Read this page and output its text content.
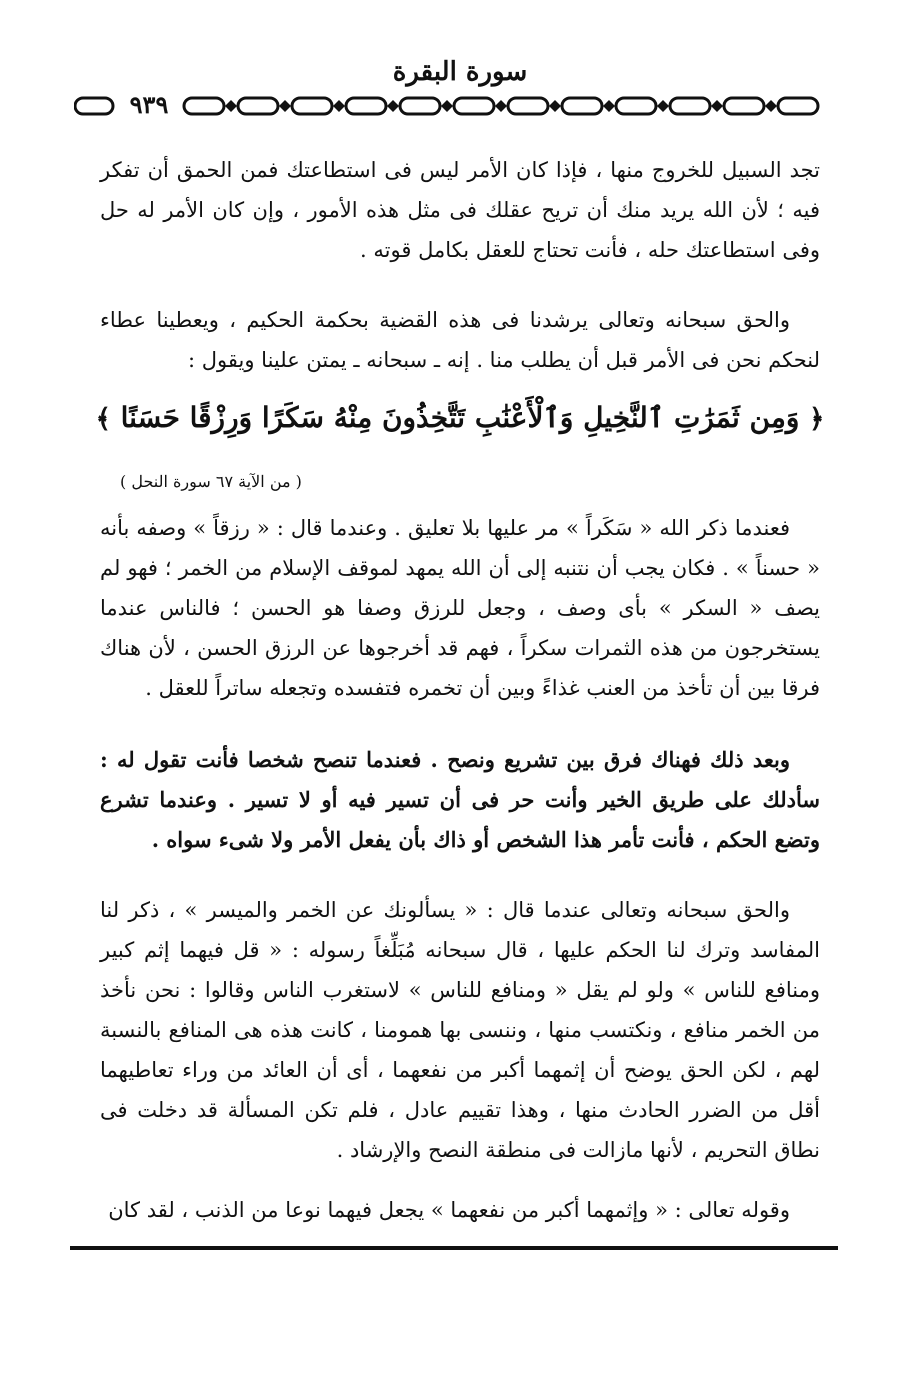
سورة البقرة
٩٣٩
تجد السبيل للخروج منها ، فإذا كان الأمر ليس فى استطاعتك فمن الحمق أن تفكر فيه ؛ لأن الله يريد منك أن تريح عقلك فى مثل هذه الأمور ، وإن كان الأمر له حل وفى استطاعتك حله ، فأنت تحتاج للعقل بكامل قوته .
والحق سبحانه وتعالى يرشدنا فى هذه القضية بحكمة الحكيم ، ويعطينا عطاء لنحكم نحن فى الأمر قبل أن يطلب منا . إنه ـ سبحانه ـ يمتن علينا ويقول :
﴿ وَمِن ثَمَرَٰتِ ٱلنَّخِيلِ وَٱلْأَعْنَٰبِ تَتَّخِذُونَ مِنْهُ سَكَرًا وَرِزْقًا حَسَنًا ﴾
( من الآية ٦٧ سورة النحل )
فعندما ذكر الله « سَكَراً » مر عليها بلا تعليق . وعندما قال : « رزقاً » وصفه بأنه « حسناً » . فكان يجب أن نتنبه إلى أن الله يمهد لموقف الإسلام من الخمر ؛ فهو لم يصف « السكر » بأى وصف ، وجعل للرزق وصفا هو الحسن ؛ فالناس عندما يستخرجون من هذه الثمرات سكراً ، فهم قد أخرجوها عن الرزق الحسن ، لأن هناك فرقا بين أن تأخذ من العنب غذاءً وبين أن تخمره فتفسده وتجعله ساتراً للعقل .
وبعد ذلك فهناك فرق بين تشريع ونصح . فعندما تنصح شخصا فأنت تقول له : سأدلك على طريق الخير وأنت حر فى أن تسير فيه أو لا تسير . وعندما تشرع وتضع الحكم ، فأنت تأمر هذا الشخص أو ذاك بأن يفعل الأمر ولا شىء سواه .
والحق سبحانه وتعالى عندما قال : « يسألونك عن الخمر والميسر » ، ذكر لنا المفاسد وترك لنا الحكم عليها ، قال سبحانه مُبَلِّغاً رسوله : « قل فيهما إثم كبير ومنافع للناس » ولو لم يقل « ومنافع للناس » لاستغرب الناس وقالوا : نحن نأخذ من الخمر منافع ، ونكتسب منها ، وننسى بها همومنا ، كانت هذه هى المنافع بالنسبة لهم ، لكن الحق يوضح أن إثمهما أكبر من نفعهما ، أى أن العائد من وراء تعاطيهما أقل من الضرر الحادث منها ، وهذا تقييم عادل ، فلم تكن المسألة قد دخلت فى نطاق التحريم ، لأنها مازالت فى منطقة النصح والإرشاد .
وقوله تعالى : « وإثمهما أكبر من نفعهما » يجعل فيهما نوعا من الذنب ، لقد كان
